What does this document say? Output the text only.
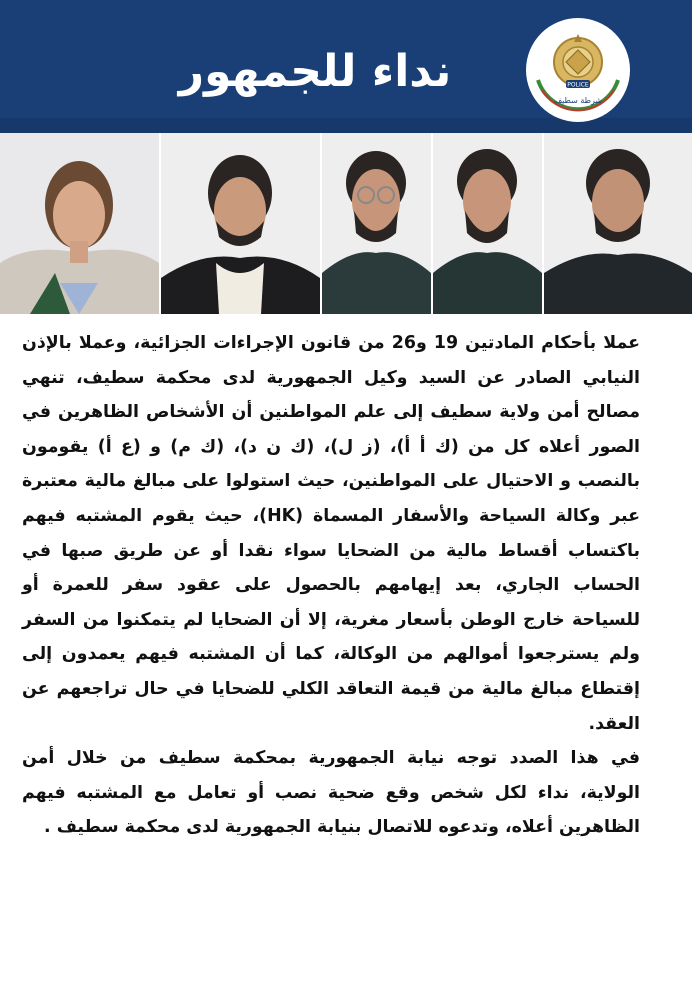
نداء للجمهور	POLICE
شرطة سطيف

عملا بأحكام المادتين 19 و26 من قانون الإجراءات الجزائية، وعملا بالإذن النيابي الصادر عن السيد وكيل الجمهورية لدى محكمة سطيف، تنهي مصالح أمن ولاية سطيف إلى علم المواطنين أن الأشخاص الظاهرين في الصور أعلاه كل من (ك أ أ)، (ز ل)، (ك ن د)، (ك م) و (ع أ) يقومون بالنصب و الاحتيال على المواطنين، حيث استولوا على مبالغ مالية معتبرة عبر وكالة السياحة والأسفار المسماة (HK)، حيث يقوم المشتبه فيهم باكتساب أقساط مالية من الضحايا سواء نقدا أو عن طريق صبها في الحساب الجاري، بعد إيهامهم بالحصول على عقود سفر للعمرة أو للسياحة خارج الوطن بأسعار مغرية، إلا أن الضحايا لم يتمكنوا من السفر ولم يسترجعوا أموالهم من الوكالة، كما أن المشتبه فيهم يعمدون إلى إقتطاع مبالغ مالية من قيمة التعاقد الكلي للضحايا في حال تراجعهم عن العقد.

في هذا الصدد توجه نيابة الجمهورية بمحكمة سطيف من خلال أمن الولاية، نداء لكل شخص وقع ضحية نصب أو تعامل مع المشتبه فيهم الظاهرين أعلاه، وتدعوه للاتصال بنيابة الجمهورية لدى محكمة سطيف .
